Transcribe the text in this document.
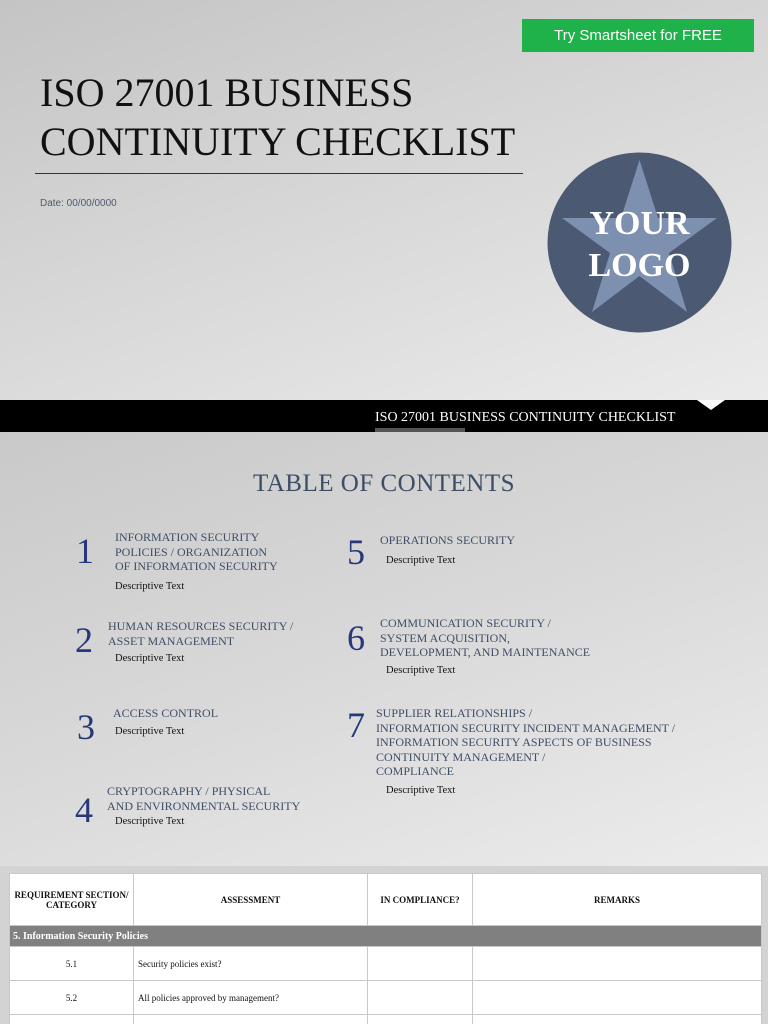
Try Smartsheet for FREE
ISO 27001 BUSINESS
CONTINUITY CHECKLIST
Date: 00/00/0000
YOUR
LOGO
ISO 27001 BUSINESS CONTINUITY CHECKLIST
TABLE OF CONTENTS
1 INFORMATION SECURITY
POLICIES / ORGANIZATION
OF INFORMATION SECURITY
Descriptive Text
2 HUMAN RESOURCES SECURITY /
ASSET MANAGEMENT
Descriptive Text
3 ACCESS CONTROL
Descriptive Text
4 CRYPTOGRAPHY / PHYSICAL
AND ENVIRONMENTAL SECURITY
Descriptive Text
5 OPERATIONS SECURITY
Descriptive Text
6 COMMUNICATION SECURITY /
SYSTEM ACQUISITION,
DEVELOPMENT, AND MAINTENANCE
Descriptive Text
7 SUPPLIER RELATIONSHIPS /
INFORMATION SECURITY INCIDENT MANAGEMENT /
INFORMATION SECURITY ASPECTS OF BUSINESS
CONTINUITY MANAGEMENT /
COMPLIANCE
Descriptive Text
REQUIREMENT SECTION/ CATEGORY	ASSESSMENT	IN COMPLIANCE?	REMARKS
5. Information Security Policies			
5.1	Security policies exist?		
5.2	All policies approved by management?		
